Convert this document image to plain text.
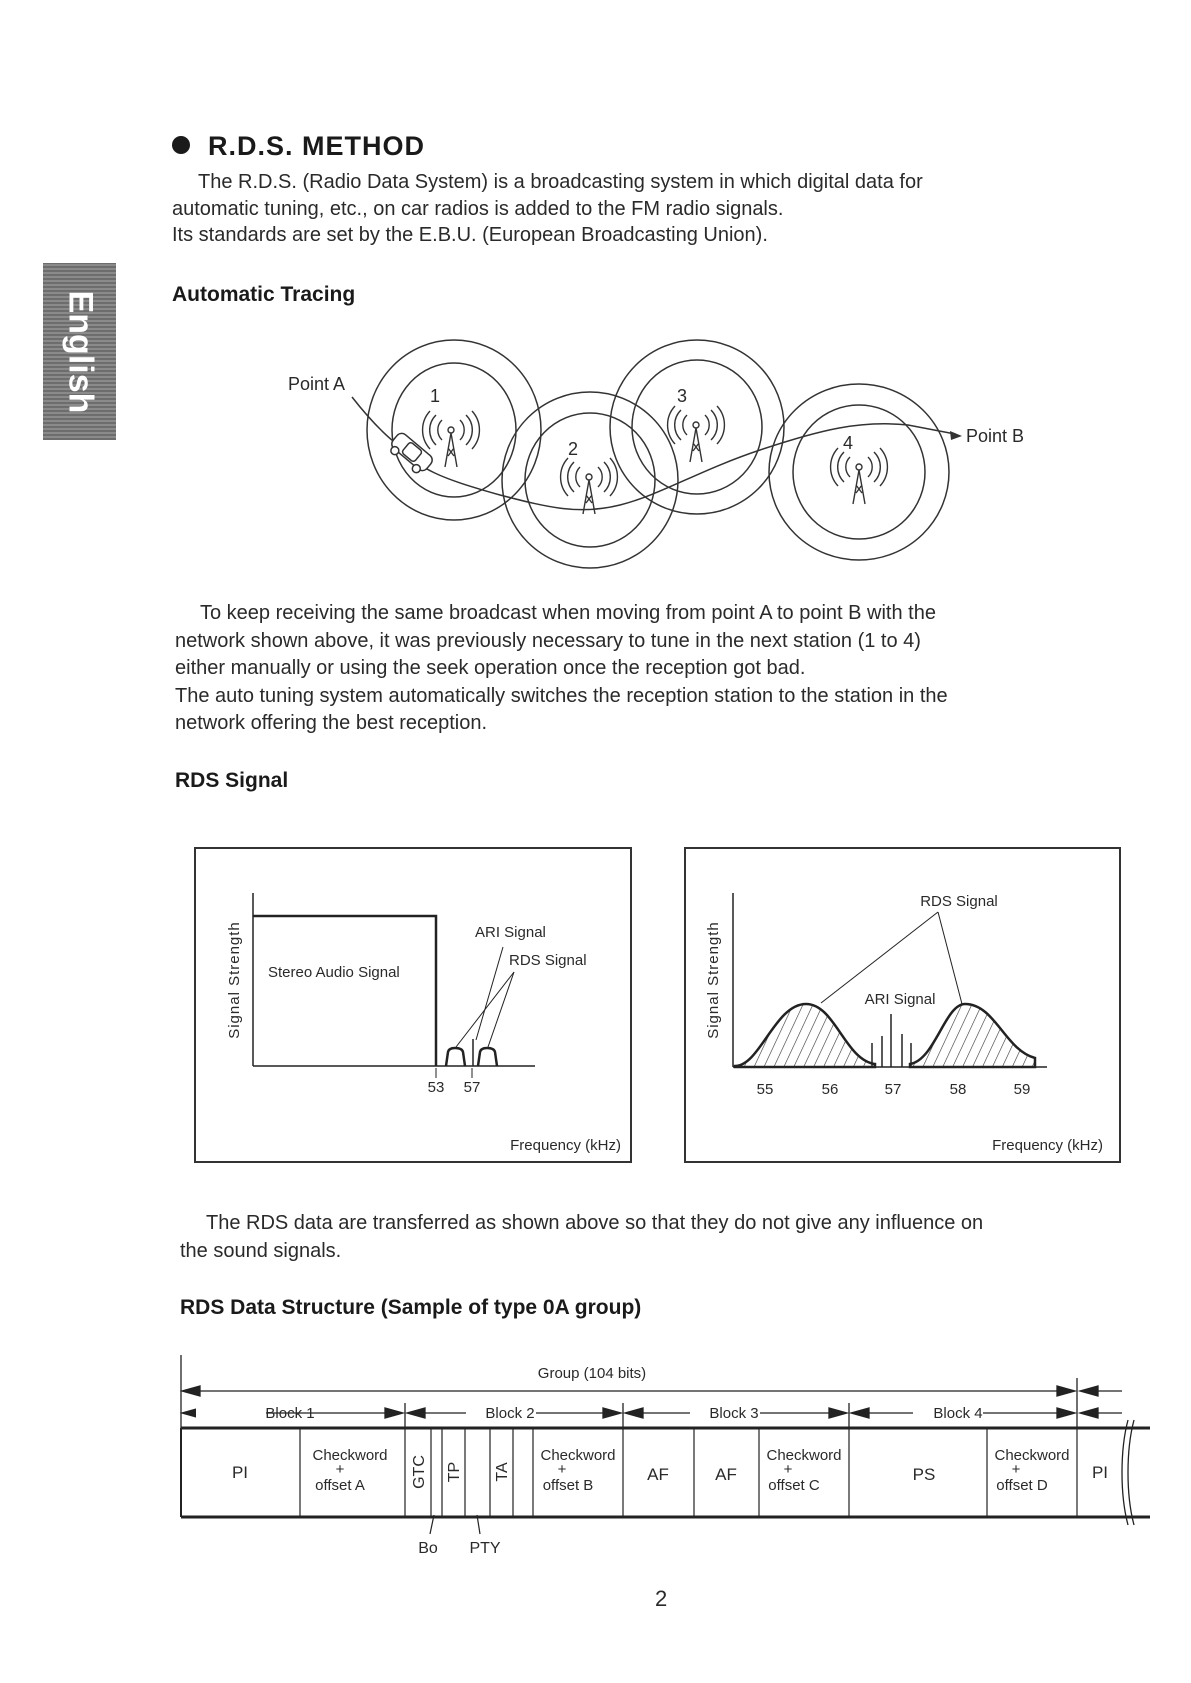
English
R.D.S. METHOD
The R.D.S. (Radio Data System) is a broadcasting system in which digital data for
automatic tuning, etc., on car radios is added to the FM radio signals.
Its standards are set by the E.B.U. (European Broadcasting Union).
Automatic Tracing
Point A
Point B
1
2
3
4
To keep receiving the same broadcast when moving from point A to point B with the
network shown above, it was previously necessary to tune in the next station (1 to 4)
either manually or using the seek operation once the reception got bad.
The auto tuning system automatically switches the reception station to the station in the
network offering the best reception.
RDS Signal
Signal Strength Stereo Audio Signal
ARI Signal
RDS Signal
53 57
Frequency (kHz)
Signal Strength
RDS Signal
ARI Signal
55	56	57	58	59
Frequency (kHz)
The RDS data are transferred as shown above so that they do not give any influence on
the sound signals.
RDS Data Structure (Sample of type 0A group)
Group (104 bits)
Block 1	Block 2	Block 3	Block 4
PI
Checkword
+
offset A	GTC TP TA
Checkword
+
offset B
AF	AF
Checkword
+
offset C
PS
Checkword
+
offset D
PI
Bo PTY
2
